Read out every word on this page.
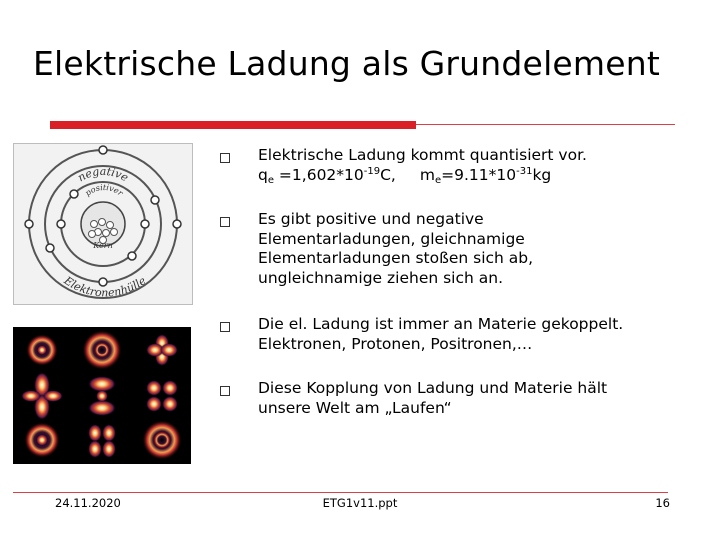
Elektrische Ladung als Grundelement
negative
positiver
Kern
Elektronenhülle
Elektrische Ladung kommt quantisiert vor.
$q_e =1,602*10^{-19}C$, $m_e=9.11*10^{-31}kg$
Es gibt positive und negative
Elementarladungen, gleichnamige
Elementarladungen stoßen sich ab,
ungleichnamige ziehen sich an.
Die el. Ladung ist immer an Materie gekoppelt.
Elektronen, Protonen, Positronen,…
Diese Kopplung von Ladung und Materie hält
unsere Welt am „Laufen“
24.11.2020	ETG1v11.ppt	16
